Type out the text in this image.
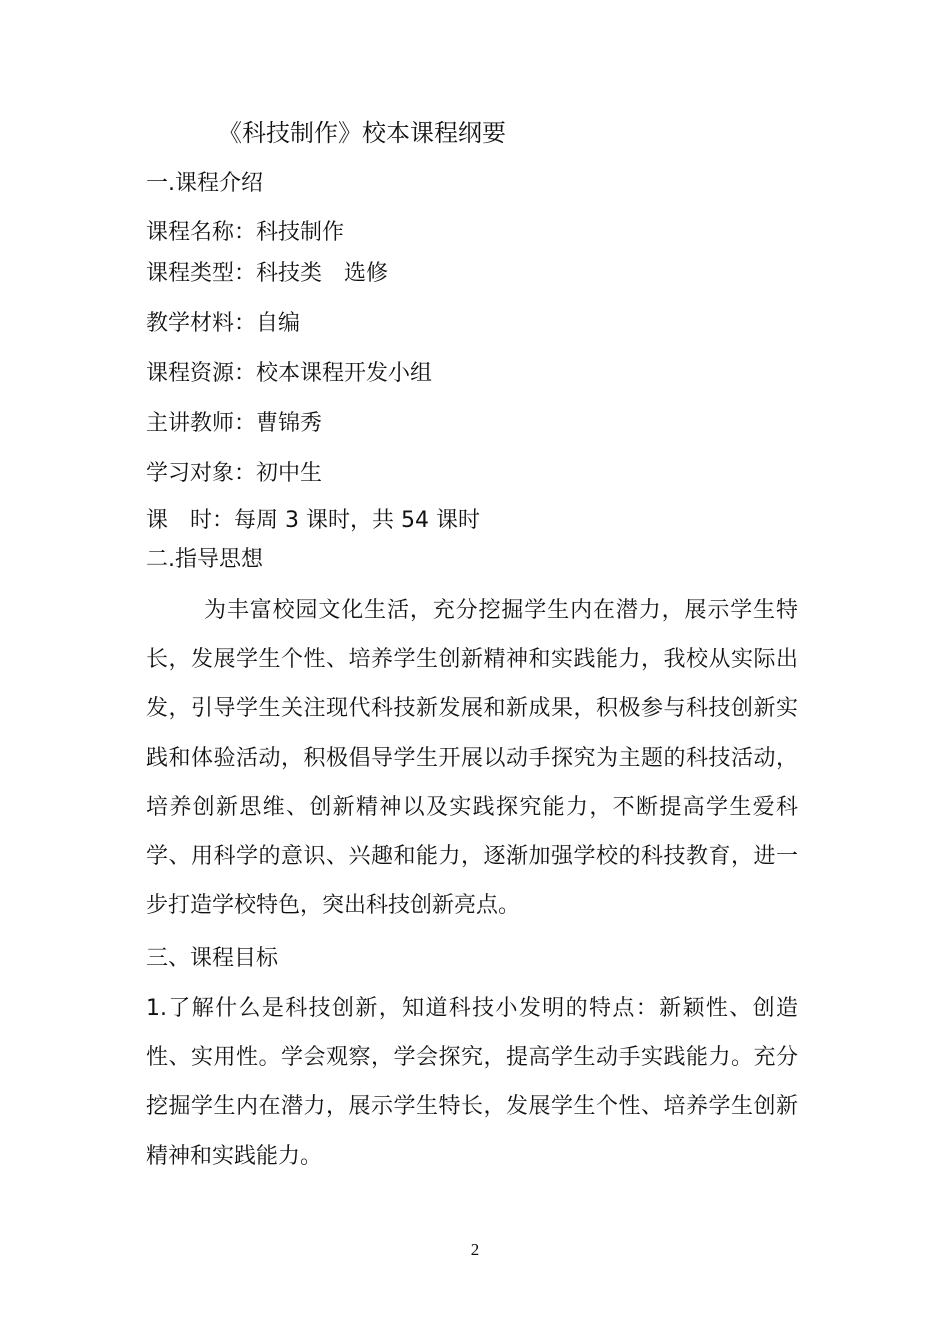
《科技制作》校本课程纲要
一.课程介绍
课程名称：科技制作
课程类型：科技类　选修
教学材料：自编
课程资源：校本课程开发小组
主讲教师：曹锦秀
学习对象：初中生
课　时：每周 3 课时，共 54 课时
二.指导思想
为丰富校园文化生活，充分挖掘学生内在潜力，展示学生特长，发展学生个性、培养学生创新精神和实践能力，我校从实际出发，引导学生关注现代科技新发展和新成果，积极参与科技创新实践和体验活动，积极倡导学生开展以动手探究为主题的科技活动，培养创新思维、创新精神以及实践探究能力，不断提高学生爱科学、用科学的意识、兴趣和能力，逐渐加强学校的科技教育，进一步打造学校特色，突出科技创新亮点。
三、课程目标
1.了解什么是科技创新，知道科技小发明的特点：新颖性、创造性、实用性。学会观察，学会探究，提高学生动手实践能力。充分挖掘学生内在潜力，展示学生特长，发展学生个性、培养学生创新精神和实践能力。
2
